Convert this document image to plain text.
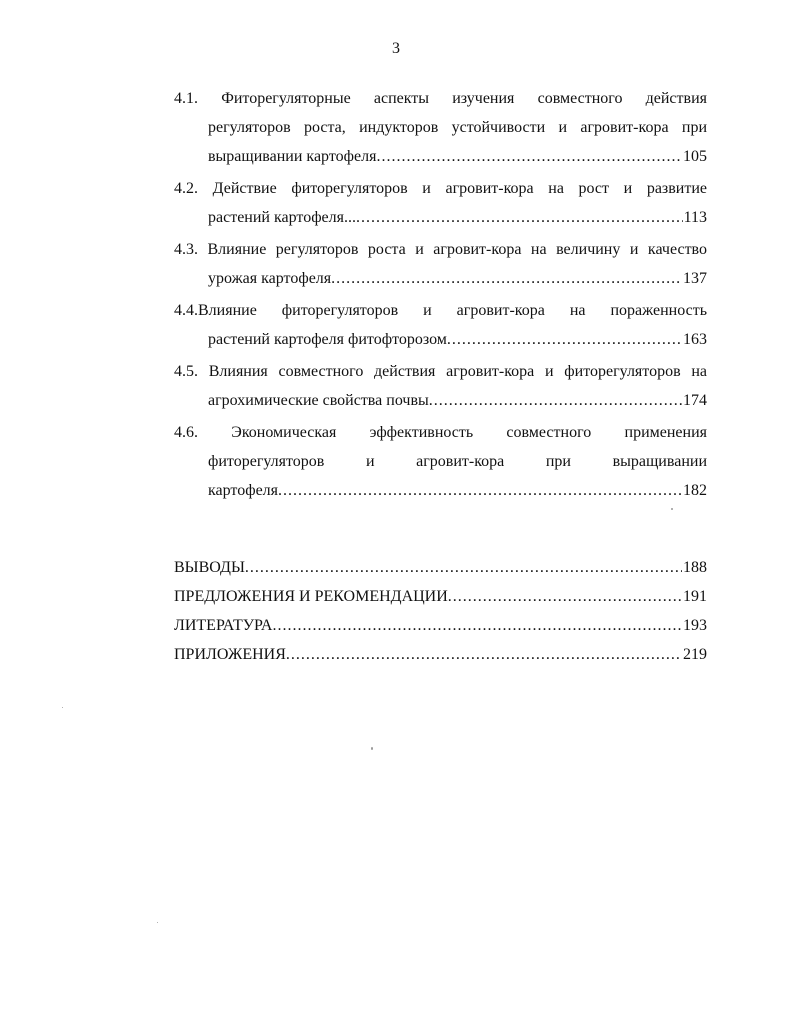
3
4.1. Фиторегуляторные аспекты изучения совместного действия
регуляторов роста, индукторов устойчивости и агровит-кора при
выращивании картофеля .....	105
4.2. Действие фиторегуляторов и агровит-кора на рост и развитие
растений картофеля... .....	113
4.3. Влияние регуляторов роста и агровит-кора на величину и качество
урожая картофеля .....	137
4.4.Влияние фиторегуляторов и агровит-кора на пораженность
растений картофеля фитофторозом .....	163
4.5. Влияния совместного действия агровит-кора и фиторегуляторов на
агрохимические свойства почвы .....	174
4.6. Экономическая эффективность совместного применения
фиторегуляторов и агровит-кора при выращивании
картофеля .....	182
ВЫВОДЫ .....	188
ПРЕДЛОЖЕНИЯ И РЕКОМЕНДАЦИИ .....	191
ЛИТЕРАТУРА .....	193
ПРИЛОЖЕНИЯ .....	219
